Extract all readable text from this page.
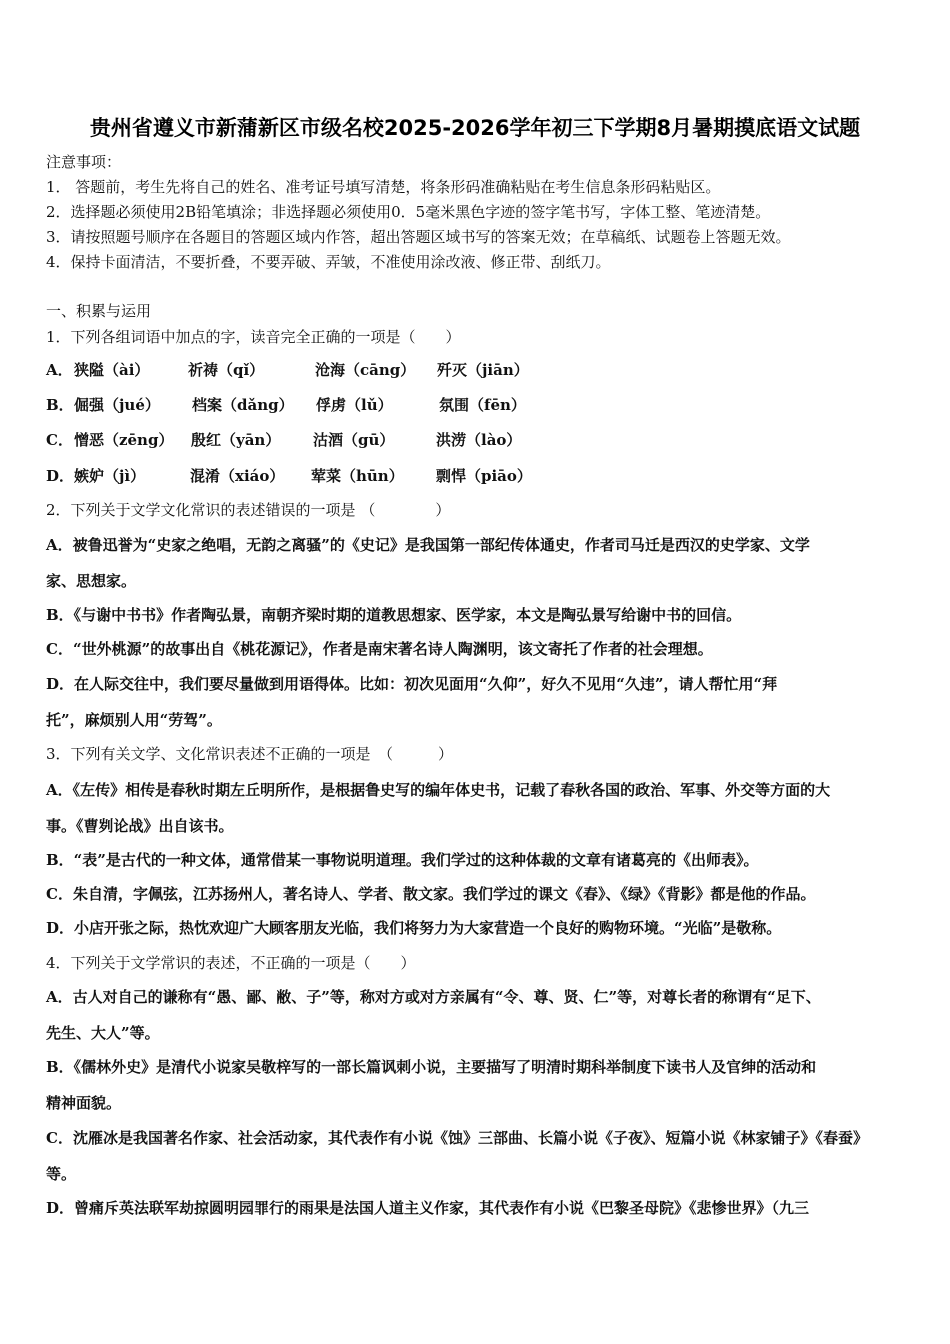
贵州省遵义市新蒲新区市级名校2025-2026学年初三下学期8月暑期摸底语文试题
注意事项：
1． 答题前，考生先将自己的姓名、准考证号填写清楚，将条形码准确粘贴在考生信息条形码粘贴区。
2．选择题必须使用2B铅笔填涂；非选择题必须使用0．5毫米黑色字迹的签字笔书写，字体工整、笔迹清楚。
3．请按照题号顺序在各题目的答题区域内作答，超出答题区域书写的答案无效；在草稿纸、试题卷上答题无效。
4．保持卡面清洁，不要折叠，不要弄破、弄皱，不准使用涂改液、修正带、刮纸刀。
一、积累与运用
1．下列各组词语中加点的字，读音完全正确的一项是（　　）
A． 狭隘（ài）	祈祷（qǐ）	沧海（cāng） 歼灭（jiān）
B． 倔强（jué） 档案（dǎng） 俘虏（lǔ）	氛围（fēn）
C． 憎恶（zēng） 殷红（yān） 沽酒（gū）	洪涝（lào）
D． 嫉妒（jì）	混淆（xiáo） 荤菜（hūn） 剽悍（piāo）
2．下列关于文学文化常识的表述错误的一项是 （　　　　）
A．被鲁迅誉为“史家之绝唱，无韵之离骚”的《史记》是我国第一部纪传体通史，作者司马迁是西汉的史学家、文学
家、思想家。
B．《与谢中书书》作者陶弘景，南朝齐梁时期的道教思想家、医学家，本文是陶弘景写给谢中书的回信。
C．“世外桃源”的故事出自《桃花源记》，作者是南宋著名诗人陶渊明，该文寄托了作者的社会理想。
D．在人际交往中，我们要尽量做到用语得体。比如：初次见面用“久仰”，好久不见用“久违”，请人帮忙用“拜
托”，麻烦别人用“劳驾”。
3．下列有关文学、文化常识表述不正确的一项是　（　　　）
A．《左传》相传是春秋时期左丘明所作，是根据鲁史写的编年体史书，记载了春秋各国的政治、军事、外交等方面的大
事。《曹刿论战》出自该书。
B．“表”是古代的一种文体，通常借某一事物说明道理。我们学过的这种体裁的文章有诸葛亮的《出师表》。
C．朱自清，字佩弦，江苏扬州人，著名诗人、学者、散文家。我们学过的课文《春》、《绿》《背影》都是他的作品。
D．小店开张之际，热忱欢迎广大顾客朋友光临，我们将努力为大家营造一个良好的购物环境。“光临”是敬称。
4．下列关于文学常识的表述，不正确的一项是（　　）
A．古人对自己的谦称有“愚、鄙、敝、子”等，称对方或对方亲属有“令、尊、贤、仁”等，对尊长者的称谓有“足下、
先生、大人”等。
B．《儒林外史》是清代小说家吴敬梓写的一部长篇讽刺小说，主要描写了明清时期科举制度下读书人及官绅的活动和
精神面貌。
C．沈雁冰是我国著名作家、社会活动家，其代表作有小说《蚀》三部曲、长篇小说《子夜》、短篇小说《林家铺子》《春蚕》
等。
D．曾痛斥英法联军劫掠圆明园罪行的雨果是法国人道主义作家，其代表作有小说《巴黎圣母院》《悲惨世界》（九三
